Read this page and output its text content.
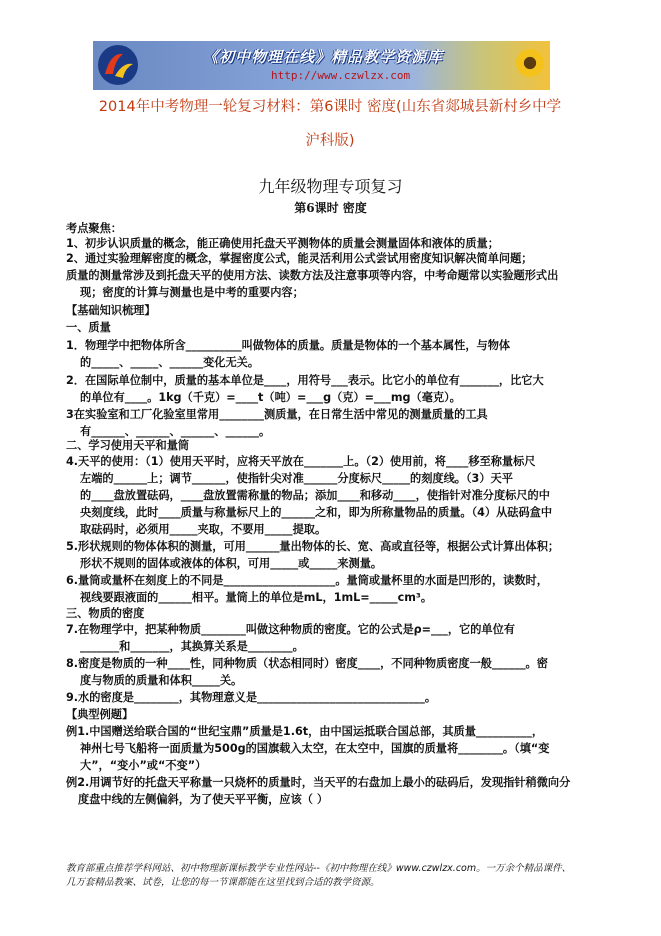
《初中物理在线》精品教学资源库
http://www.czwlzx.com
2014年中考物理一轮复习材料：第6课时 密度(山东省郯城县新村乡中学
沪科版)
九年级物理专项复习
第6课时 密度
考点聚焦：
1、初步认识质量的概念，能正确使用托盘天平测物体的质量会测量固体和液体的质量；
2、通过实验理解密度的概念，掌握密度公式，能灵活利用公式尝试用密度知识解决简单问题；
质量的测量常涉及到托盘天平的使用方法、读数方法及注意事项等内容，中考命题常以实验题形式出
现；密度的计算与测量也是中考的重要内容；
【基础知识梳理】
一、质量
1．物理学中把物体所含__________叫做物体的质量。质量是物体的一个基本属性，与物体
的_____、_____、______变化无关。
2．在国际单位制中，质量的基本单位是____，用符号___表示。比它小的单位有_______，比它大
的单位有____。1kg（千克）=____t（吨）=___g（克）=___mg（毫克）。
3在实验室和工厂化验室里常用________测质量，在日常生活中常见的测量质量的工具
有______、______、______、______。
二、学习使用天平和量筒
4.天平的使用：（1）使用天平时，应将天平放在_______上。（2）使用前，将____移至称量标尺
左端的______上；调节______，使指针尖对准______分度标尺_____的刻度线。（3）天平
的____盘放置砝码，____盘放置需称量的物品；添加____和移动____，使指针对准分度标尺的中
央刻度线，此时____质量与称量标尺上的______之和，即为所称量物品的质量。（4）从砝码盒中
取砝码时，必须用_____夹取，不要用_____提取。
5.形状规则的物体体积的测量，可用______量出物体的长、宽、高或直径等，根据公式计算出体积；
形状不规则的固体或液体的体积，可用_____或_____来测量。
6.量筒或量杯在刻度上的不同是____________________。量筒或量杯里的水面是凹形的，读数时，
视线要跟液面的______相平。量筒上的单位是mL，1mL=_____cm³。
三、物质的密度
7.在物理学中，把某种物质________叫做这种物质的密度。它的公式是ρ=___，它的单位有
_______和_______，其换算关系是________。
8.密度是物质的一种____性，同种物质（状态相同时）密度____，不同种物质密度一般______。密
度与物质的质量和体积_____关。
9.水的密度是________，其物理意义是______________________________。
【典型例题】
例1.中国赠送给联合国的“世纪宝鼎”质量是1.6t，由中国运抵联合国总部，其质量__________，
神州七号飞船将一面质量为500g的国旗载入太空，在太空中，国旗的质量将________。（填“变
大”，“变小”或“不变”）
例2.用调节好的托盘天平称量一只烧杯的质量时，当天平的右盘加上最小的砝码后，发现指针稍微向分
度盘中线的左侧偏斜，为了使天平平衡，应该（ ）
教育部重点推荐学科网站、初中物理新课标教学专业性网站--《初中物理在线》www.czwlzx.com。一万余个精品课件、
几万套精品教案、试卷，让您的每一节课都能在这里找到合适的教学资源。
